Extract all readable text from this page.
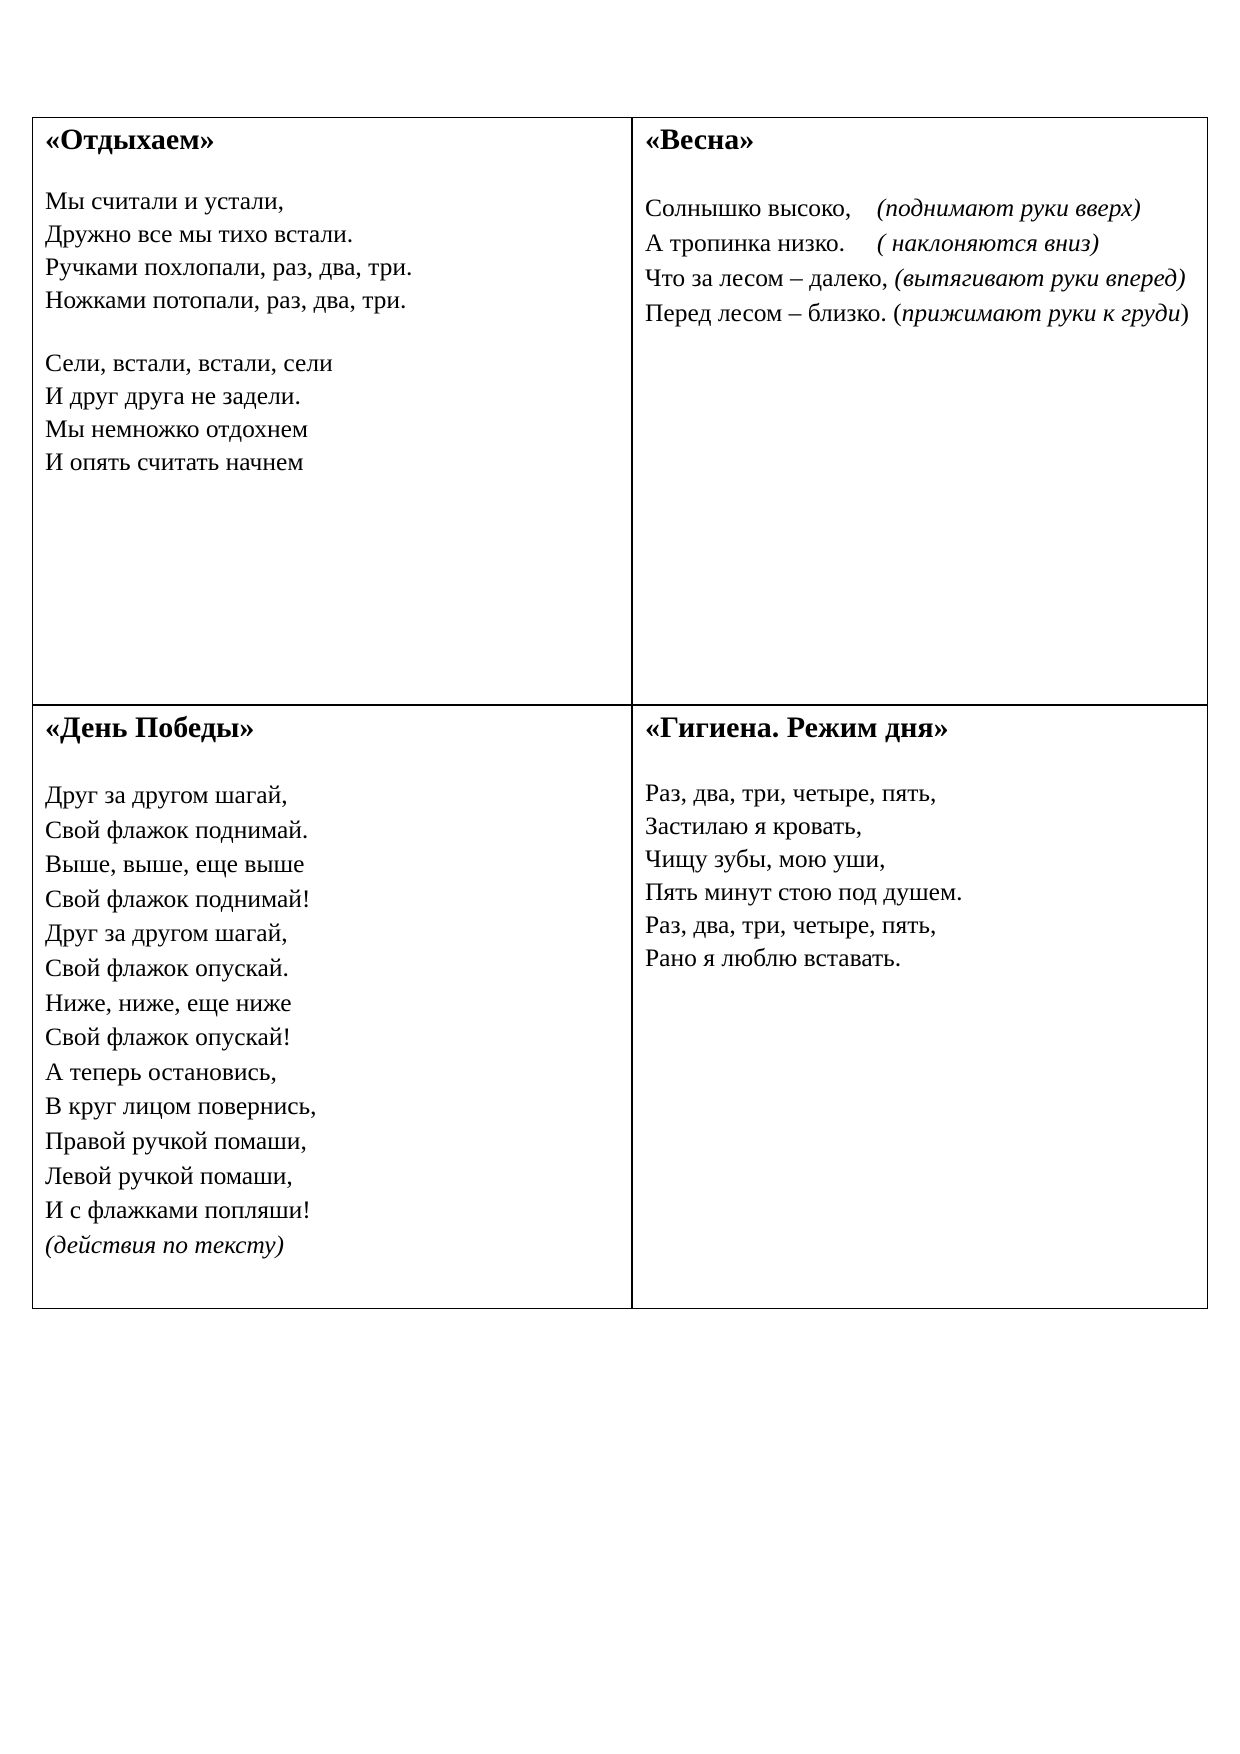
«Отдыхаем»

Мы считали и устали,
Дружно все мы тихо встали.
Ручками похлопали, раз, два, три.
Ножками потопали, раз, два, три.
Сели, встали, встали, сели
И друг друга не задели.
Мы немножко отдохнем
И опять считать начнем

«Весна»

Солнышко высоко, (поднимают руки вверх)
А тропинка низко. ( наклоняются вниз)
Что за лесом – далеко, (вытягивают руки вперед)
Перед лесом – близко. (прижимают руки к груди)

«День Победы»

Друг за другом шагай,
Свой флажок поднимай.
Выше, выше, еще выше
Свой флажок поднимай!
Друг за другом шагай,
Свой флажок опускай.
Ниже, ниже, еще ниже
Свой флажок опускай!
А теперь остановись,
В круг лицом повернись,
Правой ручкой помаши,
Левой ручкой помаши,
И с флажками попляши!
(действия по тексту)

«Гигиена. Режим дня»

Раз, два, три, четыре, пять,
Застилаю я кровать,
Чищу зубы, мою уши,
Пять минут стою под душем.
Раз, два, три, четыре, пять,
Рано я люблю вставать.
